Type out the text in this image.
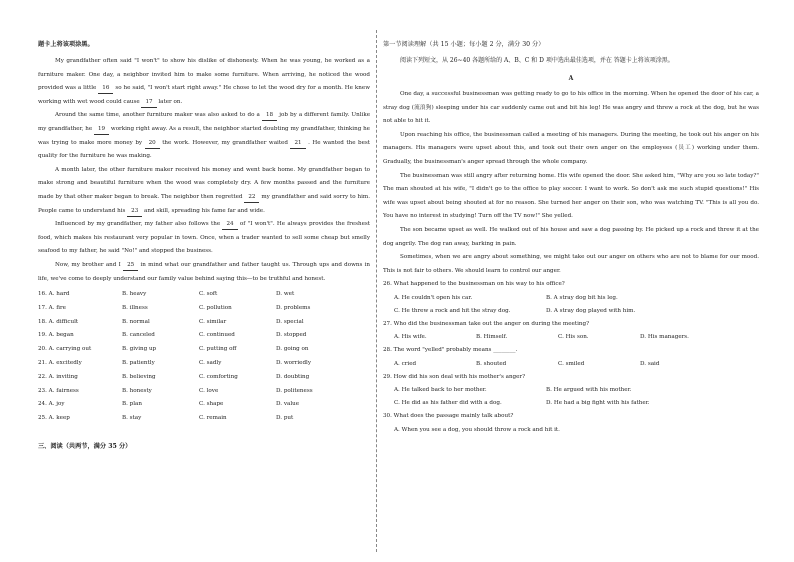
题卡上将该项涂黑。

My grandfather often said "I won't" to show his dislike of dishonesty. When he was young, he worked as a furniture maker. One day, a neighbor invited him to make some furniture. When arriving, he noticed the wood provided was a little 16 so he said, "I won't start right away." He chose to let the wood dry for a month. He knew working with wet wood could cause 17 later on.

Around the same time, another furniture maker was also asked to do a 18 job by a different family. Unlike my grandfather, he 19 working right away. As a result, the neighbor started doubting my grandfather, thinking he was trying to make more money by 20 the work. However, my grandfather waited 21 . He wanted the best quality for the furniture he was making.

A month later, the other furniture maker received his money and went back home. My grandfather began to make strong and beautiful furniture when the wood was completely dry. A few months passed and the furniture made by that other maker began to break. The neighbor then regretted 22 my grandfather and said sorry to him. People came to understand his 23 and skill, spreading his fame far and wide.

Influenced by my grandfather, my father also follows the 24 of "I won't". He always provides the freshest food, which makes his restaurant very popular in town. Once, when a trader wanted to sell some cheap but smelly seafood to my father, he said "No!" and stopped the business.

Now, my brother and I 25 in mind what our grandfather and father taught us. Through ups and downs in life, we've come to deeply understand our family value behind saying this—to be truthful and honest.

16. A. hard	B. heavy	C. soft	D. wet
17. A. fire	B. illness	C. pollution	D. problems
18. A. difficult	B. normal	C. similar	D. special
19. A. began	B. canceled	C. continued	D. stopped
20. A. carrying out	B. giving up	C. putting off	D. going on
21. A. excitedly	B. patiently	C. sadly	D. worriedly
22. A. inviting	B. believing	C. comforting	D. doubting
23. A. fairness	B. honesty	C. love	D. politeness
24. A. joy	B. plan	C. shape	D. value
25. A. keep	B. stay	C. remain	D. put
三、阅读（共两节，满分 35 分）

第一节阅读理解（共 15 小题；每小题 2 分，满分 30 分）

阅读下列短文，从 26~40 各题所给的 A、B、C 和 D 项中选出最佳选项，并在 答题卡上将该项涂黑。

A

One day, a successful businessman was getting ready to go to his office in the morning. When he opened the door of his car, a stray dog (流浪狗) sleeping under his car suddenly came out and bit his leg! He was angry and threw a rock at the dog, but he was not able to hit it.

Upon reaching his office, the businessman called a meeting of his managers. During the meeting, he took out his anger on his managers. His managers were upset about this, and took out their own anger on the employees (员工) working under them. Gradually, the businessman's anger spread through the whole company.

The businessman was still angry after returning home. His wife opened the door. She asked him, "Why are you so late today?" The man shouted at his wife, "I didn't go to the office to play soccer. I want to work. So don't ask me such stupid questions!" His wife was upset about being shouted at for no reason. She turned her anger on their son, who was watching TV. "This is all you do. You have no interest in studying! Turn off the TV now!" She yelled.

The son became upset as well. He walked out of his house and saw a dog passing by. He picked up a rock and threw it at the dog angrily. The dog ran away, barking in pain.

Sometimes, when we are angry about something, we might take out our anger on others who are not to blame for our mood. This is not fair to others. We should learn to control our anger.

26. What happened to the businessman on his way to his office?
A. He couldn't open his car.	B. A stray dog bit his leg.
C. He threw a rock and hit the stray dog.	D. A stray dog played with him.
27. Who did the businessman take out the anger on during the meeting?
A. His wife.	B. Himself.	C. His son.	D. His managers.
28. The word "yelled" probably means ________.
A. cried	B. shouted	C. smiled	D. said
29. How did his son deal with his mother's anger?
A. He talked back to her mother.	B. He argued with his mother.
C. He did as his father did with a dog.	D. He had a big fight with his father.
30. What does the passage mainly talk about?
A. When you see a dog, you should throw a rock and hit it.
